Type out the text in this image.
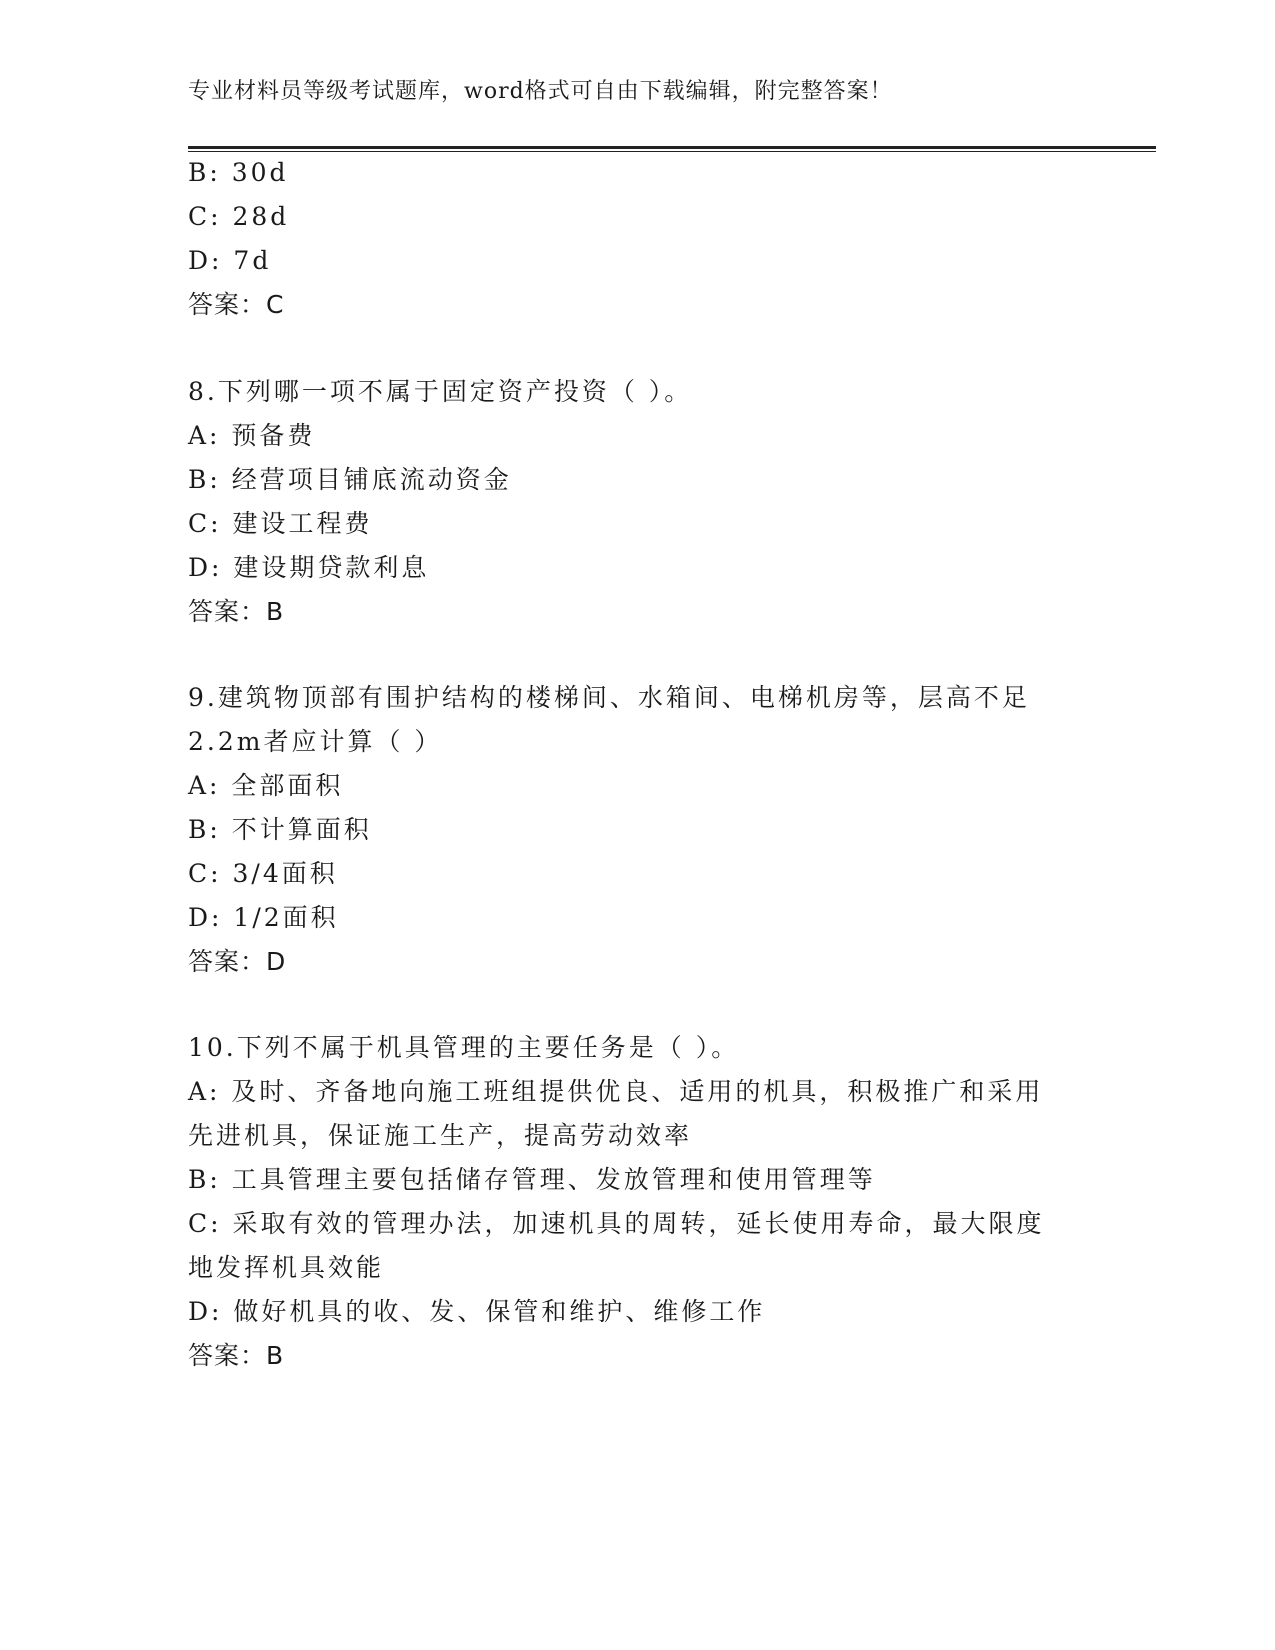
专业材料员等级考试题库，word格式可自由下载编辑，附完整答案！
B: 30d
C: 28d
D: 7d
答案：C
8.下列哪一项不属于固定资产投资（ ）。
A: 预备费
B: 经营项目铺底流动资金
C: 建设工程费
D: 建设期贷款利息
答案：B
9.建筑物顶部有围护结构的楼梯间、水箱间、电梯机房等，层高不足
2.2m者应计算（ ）
A: 全部面积
B: 不计算面积
C: 3/4面积
D: 1/2面积
答案：D
10.下列不属于机具管理的主要任务是（ ）。
A: 及时、齐备地向施工班组提供优良、适用的机具，积极推广和采用
先进机具，保证施工生产，提高劳动效率
B: 工具管理主要包括储存管理、发放管理和使用管理等
C: 采取有效的管理办法，加速机具的周转，延长使用寿命，最大限度
地发挥机具效能
D: 做好机具的收、发、保管和维护、维修工作
答案：B
